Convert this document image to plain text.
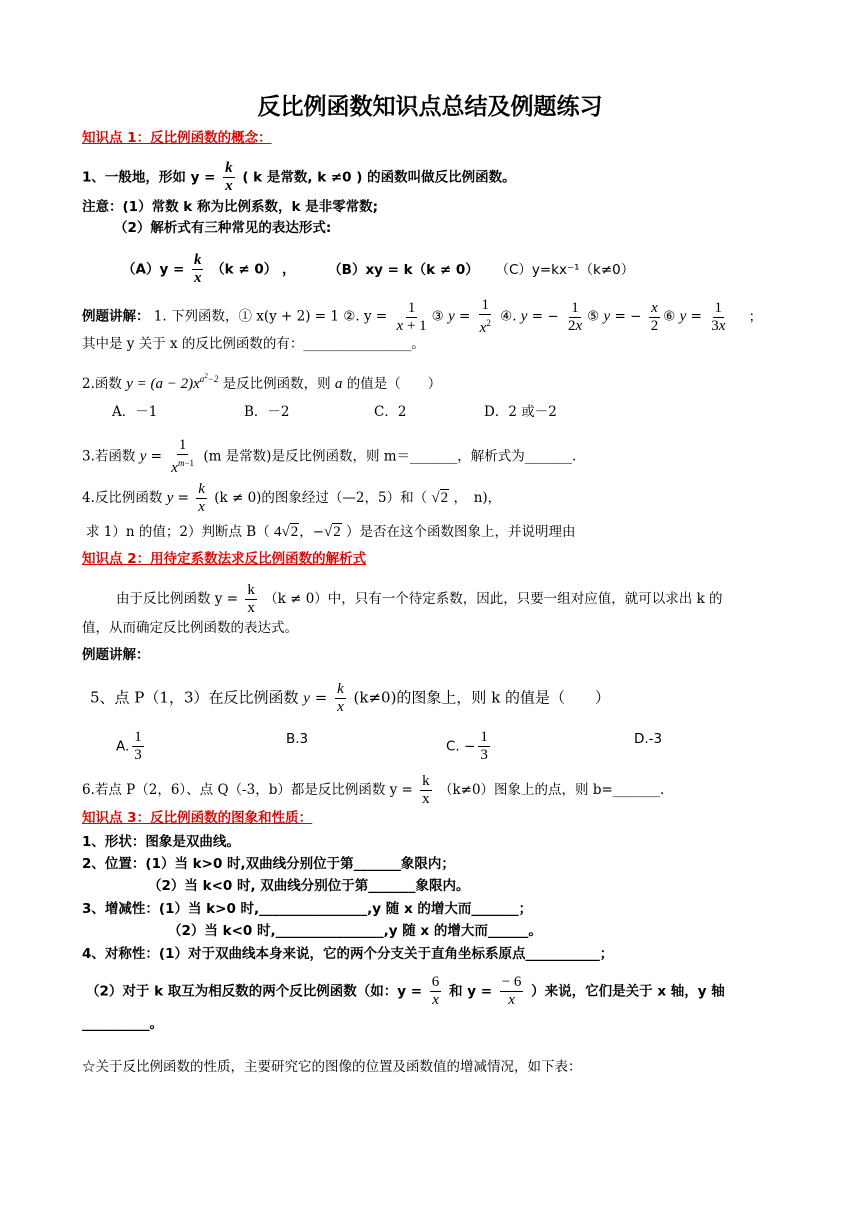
反比例函数知识点总结及例题练习
知识点 1：反比例函数的概念：
1、一般地，形如 $y = \frac{k}{x}$ ( k 是常数, k ≠0 ) 的函数叫做反比例函数。
注意：(1）常数 k 称为比例系数，k 是非零常数;
（2）解析式有三种常见的表达形式:
$(A)y = \frac{k}{x} (k \ne 0)$ ， （B）xy = k（k ≠ 0） （C）y=kx⁻¹（k≠0）
例题讲解： 1. 下列函数，① x(y + 2) = 1 ②. $y = \frac{1}{x + 1}$ ③ $y = \frac{1}{x^2}$ ④. y = − $\frac{1}{2x}$ ⑤ y = − $\frac{x}{2}$ ⑥ $y = \frac{1}{3x}$ ；
其中是 y 关于 x 的反比例函数的有：________________。
2.函数 $y = (a - 2)x^{a^2-2}$ 是反比例函数，则 a 的值是（　　）
A．－1	B．－2	C．2	D．2 或－2
3.若函数 $y = \frac{1}{x^{m-1}} (m$ 是常数)是反比例函数，则 m＝_______，解析式为_______.
4.反比例函数 $y = \frac{k}{x} (k \ne 0)$的图象经过（—2，5）和（ √2 ，　n)，
求 1）n 的值；2）判断点 B（ 4√2，−√2 ）是否在这个函数图象上，并说明理由
知识点 2：用待定系数法求反比例函数的解析式
由于反比例函数 $y = \frac{k}{x} (k \ne 0)$中，只有一个待定系数，因此，只要一组对应值，就可以求出 k 的
值，从而确定反比例函数的表达式。
例题讲解：
5、点 P（1，3）在反比例函数 $y = \frac{k}{x} (k\ne 0)$的图象上，则 k 的值是（　　）
A. $\frac{1}{3}$	B.3	C. − $\frac{1}{3}$	D.-3
6.若点 P（2，6）、点 Q（-3，b）都是反比例函数 $y = \frac{k}{x} (k\ne 0)$图象上的点，则 b=_______.
知识点 3：反比例函数的图象和性质：
1、形状：图象是双曲线。
2、位置：(1）当 k>0 时,双曲线分别位于第_______象限内；
（2）当 k<0 时, 双曲线分别位于第_______象限内。
3、增减性：(1）当 k>0 时,________________,y 随 x 的增大而_______；
（2）当 k<0 时,________________,y 随 x 的增大而______。
4、对称性：(1）对于双曲线本身来说，它的两个分支关于直角坐标系原点___________；
（2）对于 k 取互为相反数的两个反比例函数（如：$y = \frac{6}{x}$ 和 $y = \frac{- 6}{x}$ ）来说，它们是关于 x 轴，y 轴
__________。
☆关于反比例函数的性质，主要研究它的图像的位置及函数值的增减情况，如下表：
